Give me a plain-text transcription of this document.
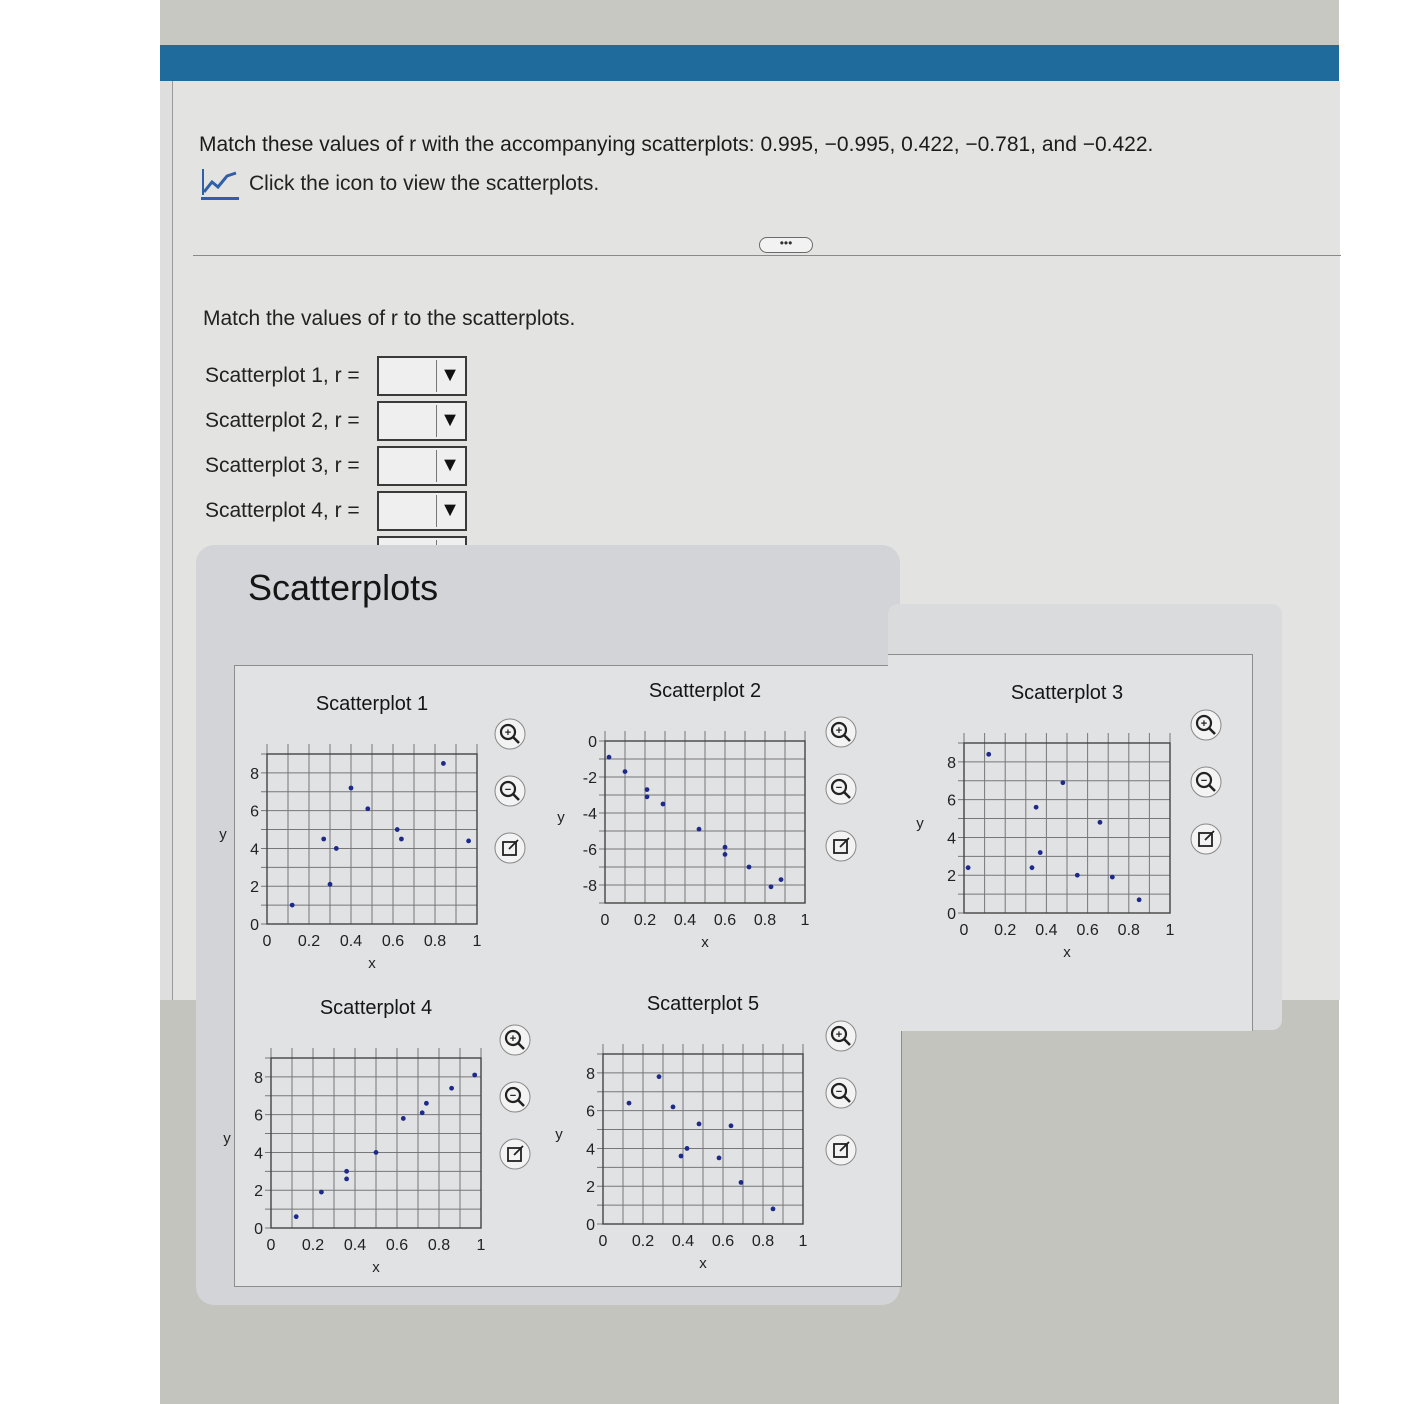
Match these values of r with the accompanying scatterplots: 0.995, −0.995, 0.422, −0.781, and −0.422.
Click the icon to view the scatterplots.
•••
Match the values of r to the scatterplots.
Scatterplot 1, r =	▼
Scatterplot 2, r =	▼
Scatterplot 3, r =	▼
Scatterplot 4, r =	▼
Scatterplots
Scatterplot 1
0 0.2 0.4 0.6 0.8 1
0
2
4
6
8
x
y
Scatterplot 2
0 0.2 0.4 0.6 0.8 1
0
-2
-4
-6
-8
x
y
Scatterplot 4
0 0.2 0.4 0.6 0.8 1
0
2
4
6
8
x
y
Scatterplot 5
0 0.2 0.4 0.6 0.8 1
0
2
4
6
8
x
y
+
−
+
−
+
−
+
−
Scatterplot 3
0 0.2 0.4 0.6 0.8 1
0
2
4
6
8
x
y
+
−
